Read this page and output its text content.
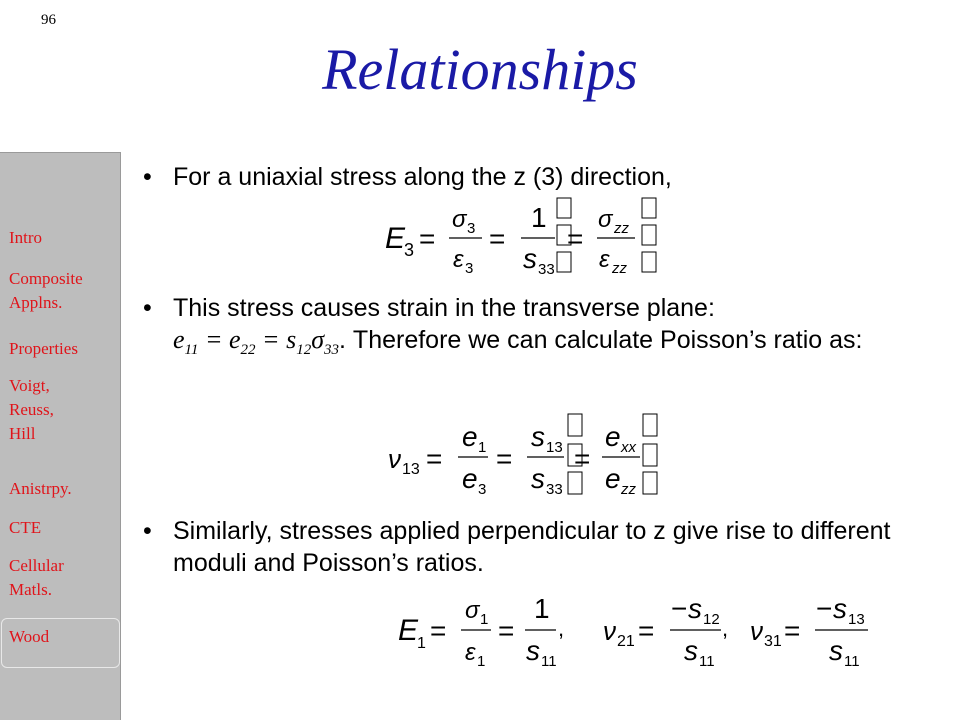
96
Relationships
Intro
Composite Applns.
Properties
Voigt, Reuss, Hill
Anistrpy.
CTE
Cellular Matls.
Wood
• For a uniaxial stress along the z (3) direction,
E
3 =
σ 3
ε 3
=
1
s 33
=
σ zz
ε zz
• This stress causes strain in the transverse plane:
$e_{11} = e_{22} = s_{12}\sigma_{33}$. Therefore we can calculate Poisson’s ratio as:
ν 13 =
e 1
e 3
=
s 13
s 33
=
e xx
e zz
• Similarly, stresses applied perpendicular to z give rise to different moduli and Poisson’s ratios.
E
1 =
σ 1
ε 1
=
1
s 11
, ν 21 =
− s 12
s 11
, ν 31 =
− s 13
s 11
